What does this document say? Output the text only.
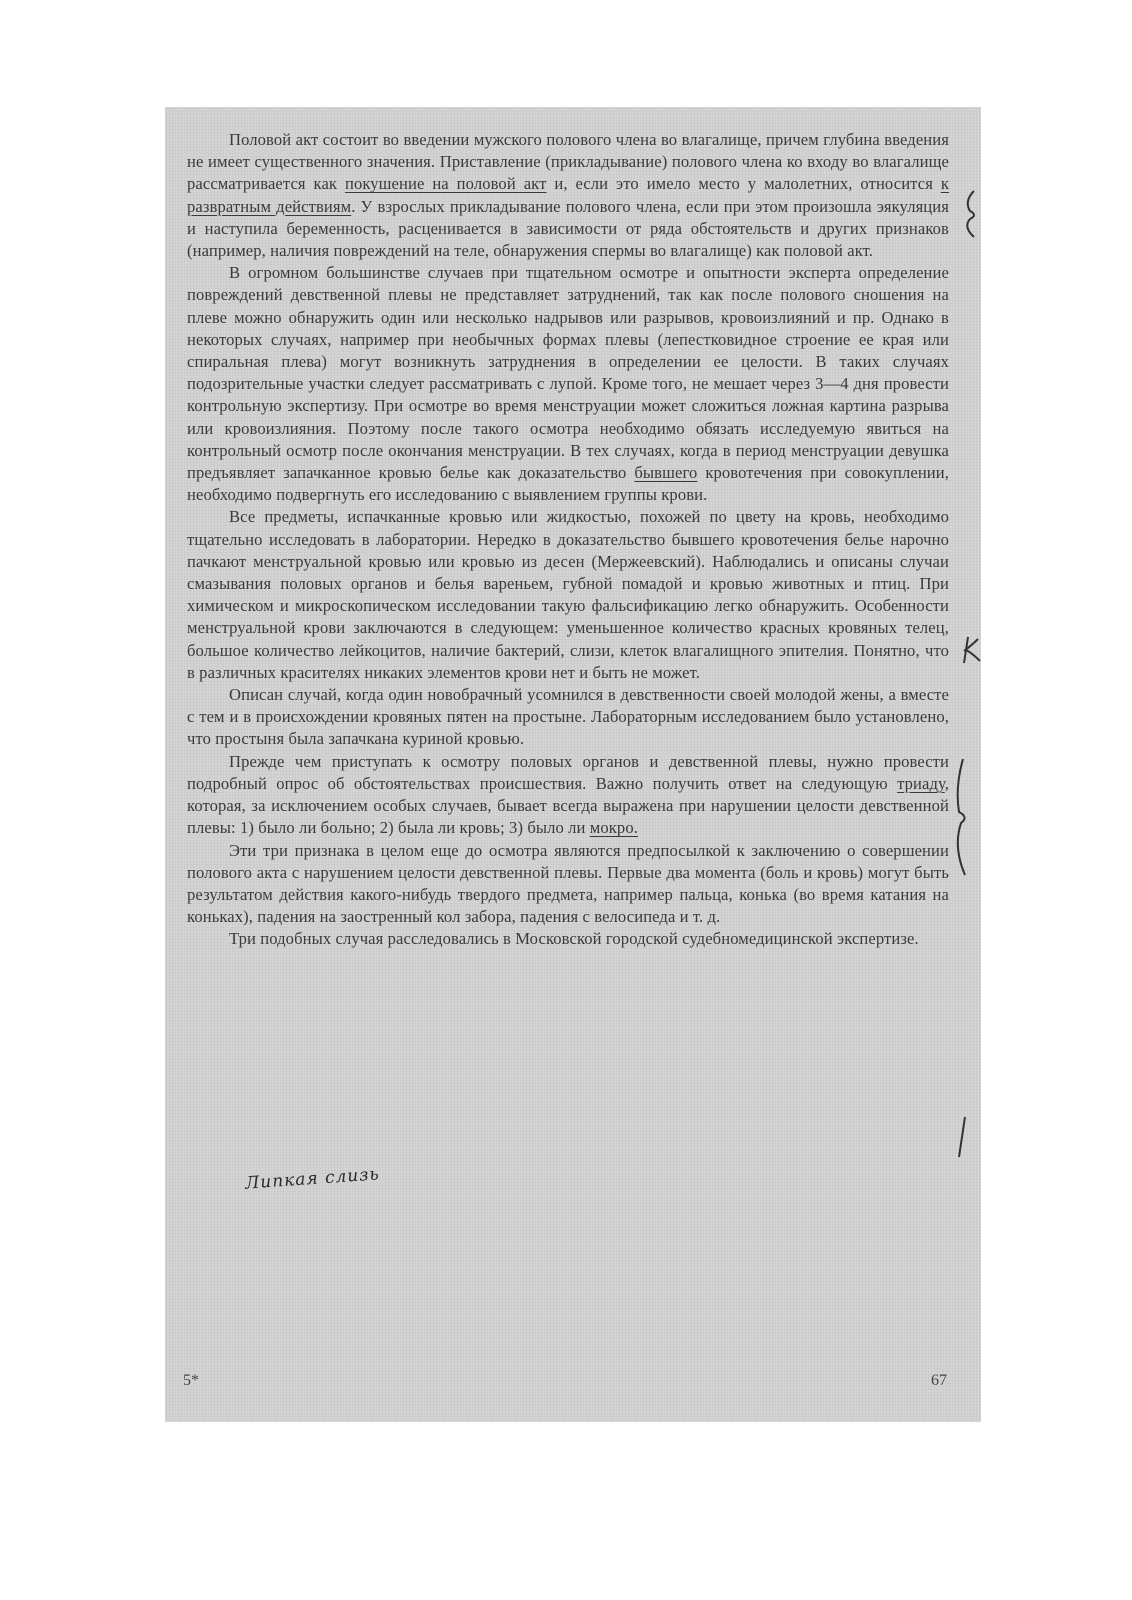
Половой акт состоит во введении мужского полового члена во влагалище, причем глубина введения не имеет существенного значения. Приставление (прикладывание) полового члена ко входу во влагалище рассматривается как покушение на половой акт и, если это имело место у малолетних, относится к развратным действиям. У взрослых прикладывание полового члена, если при этом произошла эякуляция и наступила беременность, расценивается в зависимости от ряда обстоятельств и других признаков (например, наличия повреждений на теле, обнаружения спермы во влагалище) как половой акт.

В огромном большинстве случаев при тщательном осмотре и опытности эксперта определение повреждений девственной плевы не представляет затруднений, так как после полового сношения на плеве можно обнаружить один или несколько надрывов или разрывов, кровоизлияний и пр. Однако в некоторых случаях, например при необычных формах плевы (лепестковидное строение ее края или спиральная плева) могут возникнуть затруднения в определении ее целости. В таких случаях подозрительные участки следует рассматривать с лупой. Кроме того, не мешает через 3—4 дня провести контрольную экспертизу. При осмотре во время менструации может сложиться ложная картина разрыва или кровоизлияния. Поэтому после такого осмотра необходимо обязать исследуемую явиться на контрольный осмотр после окончания менструации. В тех случаях, когда в период менструации девушка предъявляет запачканное кровью белье как доказательство бывшего кровотечения при совокуплении, необходимо подвергнуть его исследованию с выявлением группы крови.

Все предметы, испачканные кровью или жидкостью, похожей по цвету на кровь, необходимо тщательно исследовать в лаборатории. Нередко в доказательство бывшего кровотечения белье нарочно пачкают менструальной кровью или кровью из десен (Мержеевский). Наблюдались и описаны случаи смазывания половых органов и белья вареньем, губной помадой и кровью животных и птиц. При химическом и микроскопическом исследовании такую фальсификацию легко обнаружить. Особенности менструальной крови заключаются в следующем: уменьшенное количество красных кровяных телец, большое количество лейкоцитов, наличие бактерий, слизи, клеток влагалищного эпителия. Понятно, что в различных красителях никаких элементов крови нет и быть не может.

Описан случай, когда один новобрачный усомнился в девственности своей молодой жены, а вместе с тем и в происхождении кровяных пятен на простыне. Лабораторным исследованием было установлено, что простыня была запачкана куриной кровью.

Прежде чем приступать к осмотру половых органов и девственной плевы, нужно провести подробный опрос об обстоятельствах происшествия. Важно получить ответ на следующую триаду, которая, за исключением особых случаев, бывает всегда выражена при нарушении целости девственной плевы: 1) было ли больно; 2) была ли кровь; 3) было ли мокро.

Эти три признака в целом еще до осмотра являются предпосылкой к заключению о совершении полового акта с нарушением целости девственной плевы. Первые два момента (боль и кровь) могут быть результатом действия какого-нибудь твердого предмета, например пальца, конька (во время катания на коньках), падения на заостренный кол забора, падения с велосипеда и т. д.

Три подобных случая расследовались в Московской городской судебномедицинской экспертизе.

Липкая слизь
5*	67
